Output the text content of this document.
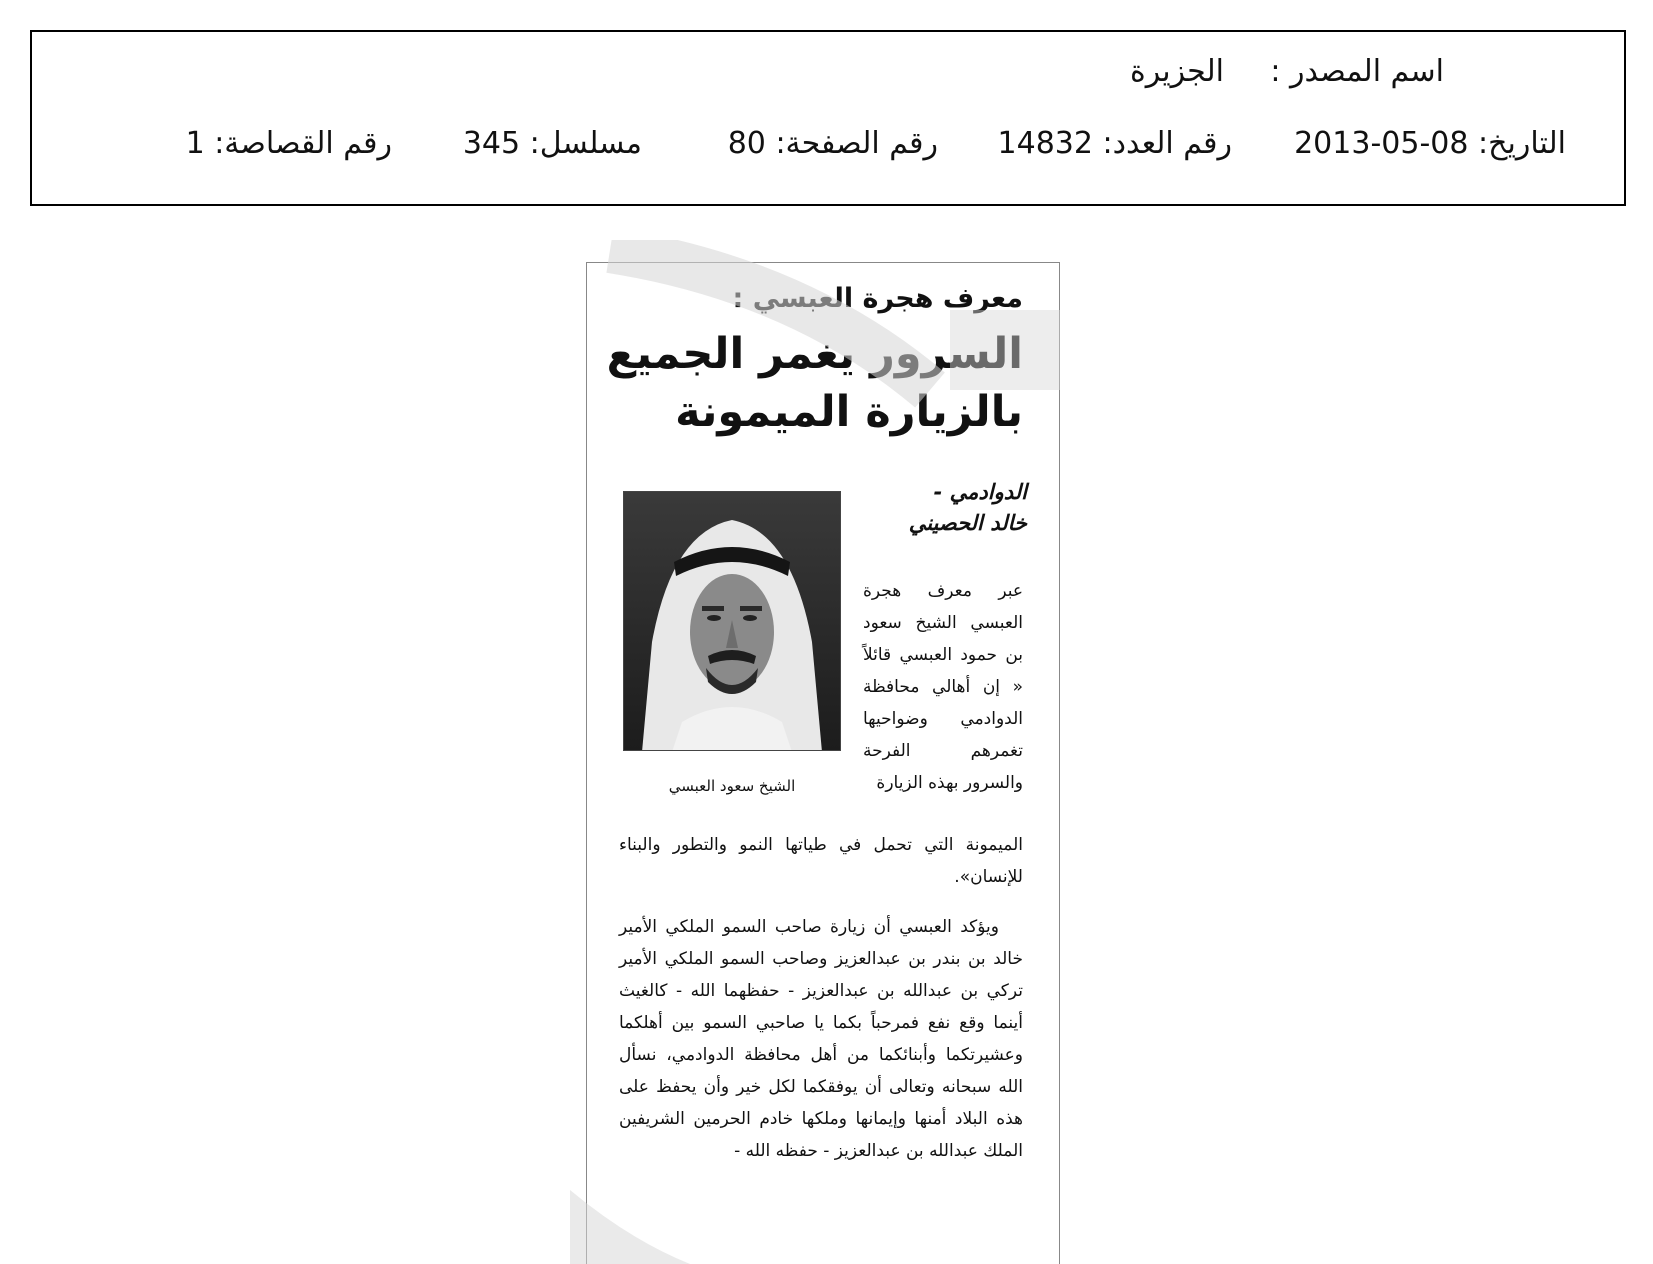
اسم المصدر :
الجزيرة
التاريخ: 08-05-2013
رقم العدد: 14832
رقم الصفحة: 80
مسلسل: 345
رقم القصاصة: 1
معرف هجرة العبسي :
السرور يغمر الجميع بالزيارة الميمونة
الدوادمي - خالد الحصيني
الشيخ سعود العبسي
عبر معرف هجرة العبسي الشيخ سعود بن حمود العبسي قائلاً « إن أهالي محافظة الدوادمي وضواحيها تغمرهم الفرحة والسرور بهذه الزيارة

الميمونة التي تحمل في طياتها النمو والتطور والبناء للإنسان».

ويؤكد العبسي أن زيارة صاحب السمو الملكي الأمير خالد بن بندر بن عبدالعزيز وصاحب السمو الملكي الأمير تركي بن عبدالله بن عبدالعزيز - حفظهما الله - كالغيث أينما وقع نفع فمرحباً بكما يا صاحبي السمو بين أهلكما وعشيرتكما وأبنائكما من أهل محافظة الدوادمي، نسأل الله سبحانه وتعالى أن يوفقكما لكل خير وأن يحفظ على هذه البلاد أمنها وإيمانها وملكها خادم الحرمين الشريفين الملك عبدالله بن عبدالعزيز - حفظه الله -
